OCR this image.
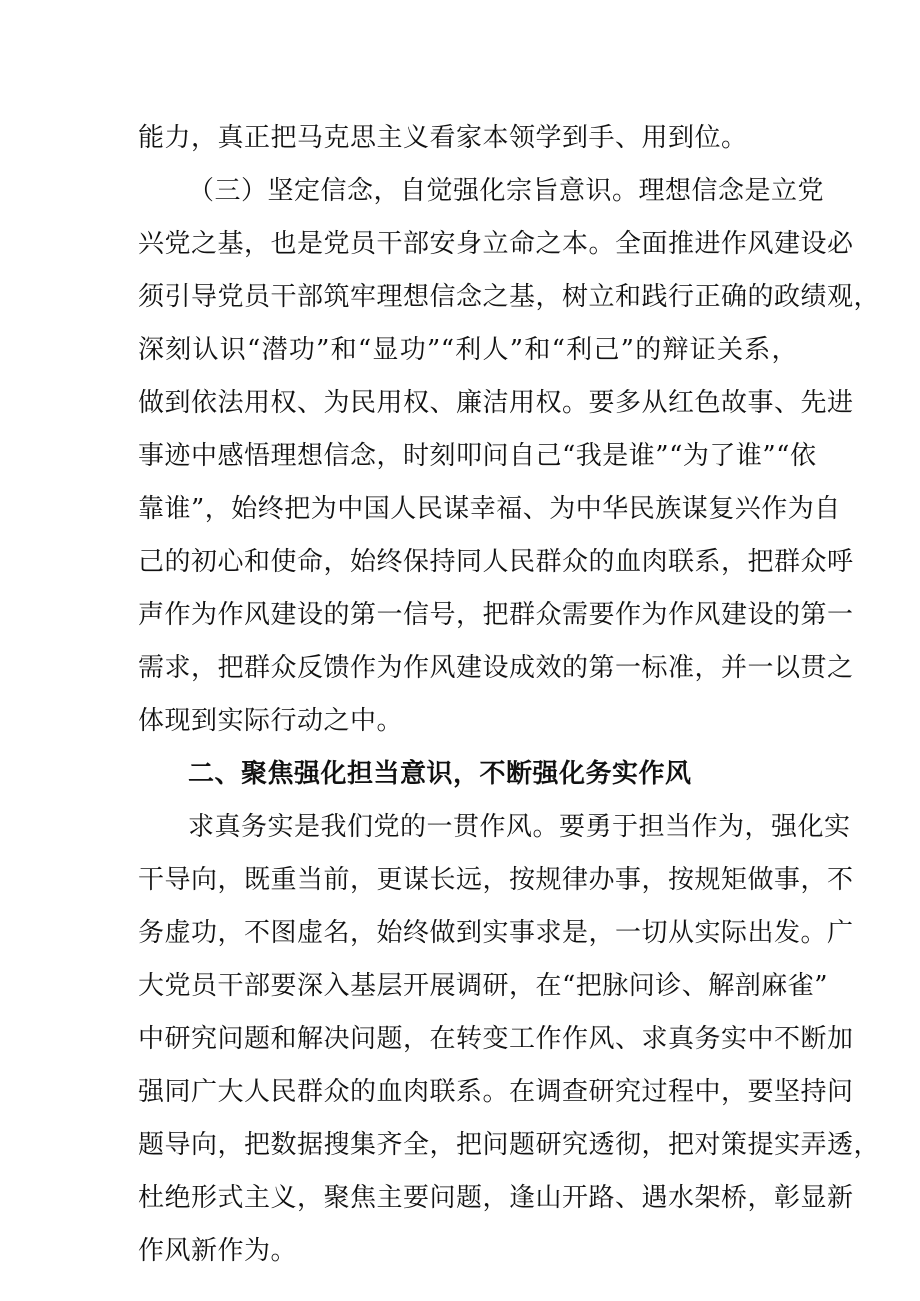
能力，真正把马克思主义看家本领学到手、用到位。
（三）坚定信念，自觉强化宗旨意识。理想信念是立党
兴党之基，也是党员干部安身立命之本。全面推进作风建设必
须引导党员干部筑牢理想信念之基，树立和践行正确的政绩观，
深刻认识“潜功”和“显功”“利人”和“利己”的辩证关系，
做到依法用权、为民用权、廉洁用权。要多从红色故事、先进
事迹中感悟理想信念，时刻叩问自己“我是谁”“为了谁”“依
靠谁”，始终把为中国人民谋幸福、为中华民族谋复兴作为自
己的初心和使命，始终保持同人民群众的血肉联系，把群众呼
声作为作风建设的第一信号，把群众需要作为作风建设的第一
需求，把群众反馈作为作风建设成效的第一标准，并一以贯之
体现到实际行动之中。
二、聚焦强化担当意识，不断强化务实作风
求真务实是我们党的一贯作风。要勇于担当作为，强化实
干导向，既重当前，更谋长远，按规律办事，按规矩做事，不
务虚功，不图虚名，始终做到实事求是，一切从实际出发。广
大党员干部要深入基层开展调研，在“把脉问诊、解剖麻雀”
中研究问题和解决问题，在转变工作作风、求真务实中不断加
强同广大人民群众的血肉联系。在调查研究过程中，要坚持问
题导向，把数据搜集齐全，把问题研究透彻，把对策提实弄透，
杜绝形式主义，聚焦主要问题，逢山开路、遇水架桥，彰显新
作风新作为。
